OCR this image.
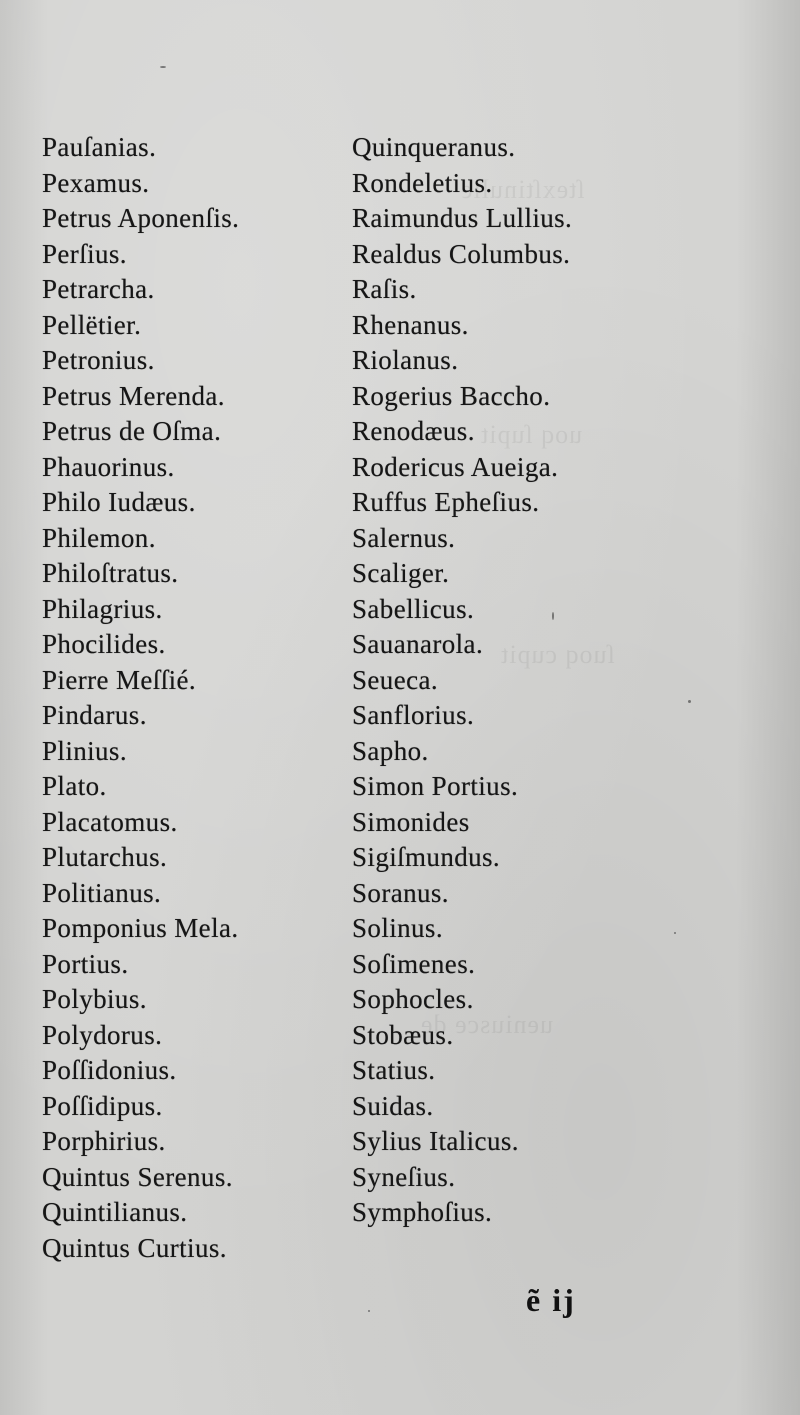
ſtexſtinulle
uoq ſupit
ſuoq cupit
ueniusce de
Pauſanias.
Pexamus.
Petrus Aponenſis.
Perſius.
Petrarcha.
Pellëtier.
Petronius.
Petrus Merenda.
Petrus de Oſma.
Phauorinus.
Philo Iudæus.
Philemon.
Philoſtratus.
Philagrius.
Phocilides.
Pierre Meſſié.
Pindarus.
Plinius.
Plato.
Placatomus.
Plutarchus.
Politianus.
Pomponius Mela.
Portius.
Polybius.
Polydorus.
Poſſidonius.
Poſſidipus.
Porphirius.
Quintus Serenus.
Quintilianus.
Quintus Curtius.
Quinqueranus.
Rondeletius.
Raimundus Lullius.
Realdus Columbus.
Raſis.
Rhenanus.
Riolanus.
Rogerius Baccho.
Renodæus.
Rodericus Aueiga.
Ruffus Epheſius.
Salernus.
Scaliger.
Sabellicus.
Sauanarola.
Seueca.
Sanflorius.
Sapho.
Simon Portius.
Simonides
Sigiſmundus.
Soranus.
Solinus.
Soſimenes.
Sophocles.
Stobæus.
Statius.
Suidas.
Sylius Italicus.
Syneſius.
Symphoſius.
ẽ ij
